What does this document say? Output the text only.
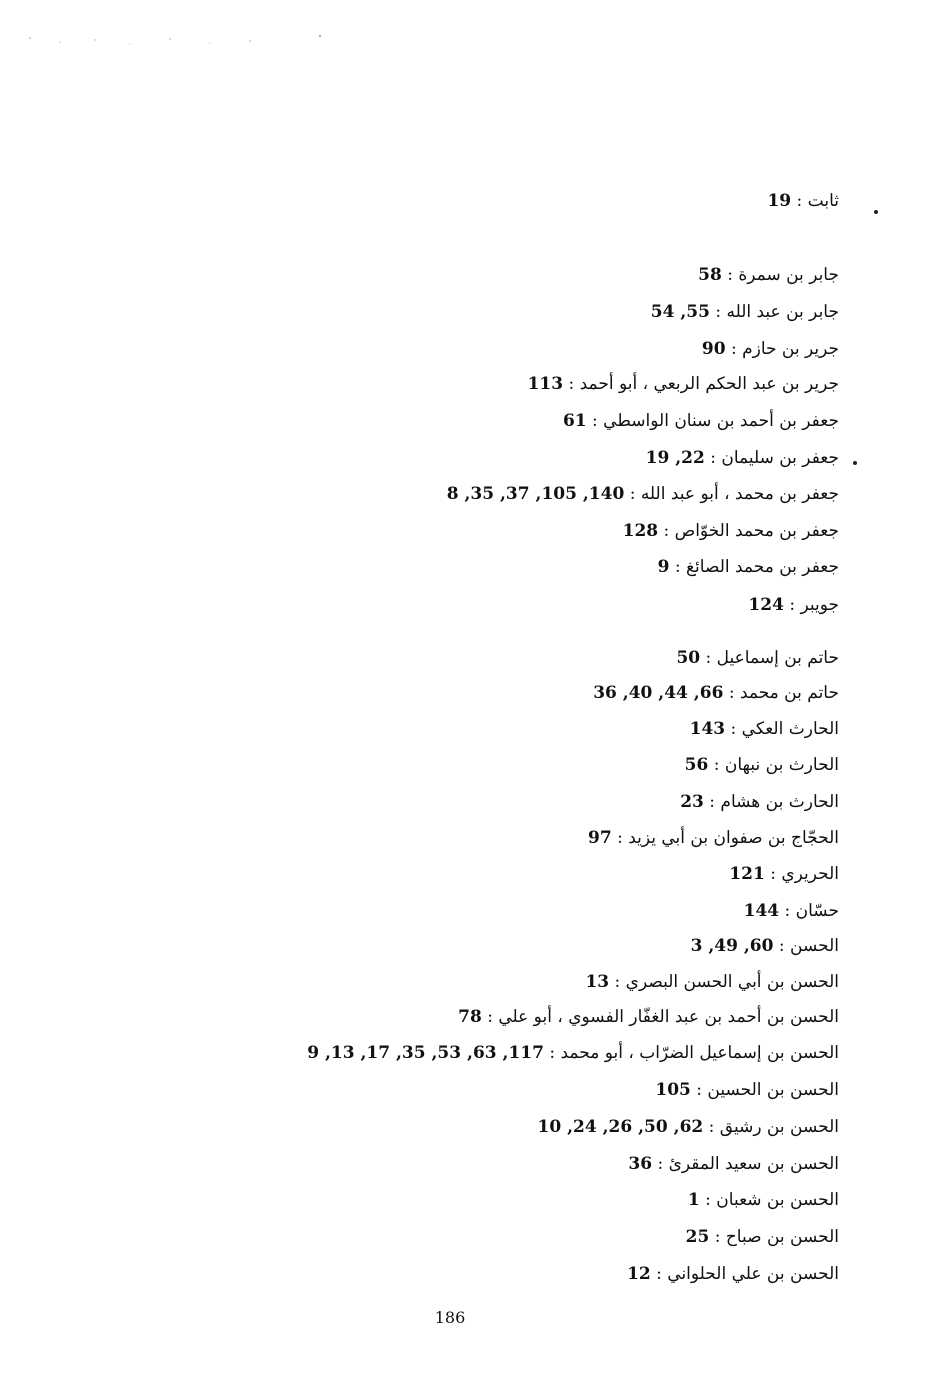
ثابت : 19
جابر بن سمرة : 58
جابر بن عبد الله : 55, 54
جرير بن حازم : 90
جرير بن عبد الحكم الربعي ، أبو أحمد : 113
جعفر بن أحمد بن سنان الواسطي : 61
جعفر بن سليمان : 22, 19
جعفر بن محمد ، أبو عبد الله : 140, 105, 37, 35, 8
جعفر بن محمد الخوّاص : 128
جعفر بن محمد الصائغ : 9
جويبر : 124
حاتم بن إسماعيل : 50
حاتم بن محمد : 66, 44, 40, 36
الحارث العكي : 143
الحارث بن نبهان : 56
الحارث بن هشام : 23
الحجّاج بن صفوان بن أبي يزيد : 97
الحريري : 121
حسّان : 144
الحسن : 60, 49, 3
الحسن بن أبي الحسن البصري : 13
الحسن بن أحمد بن عبد الغفّار الفسوي ، أبو علي : 78
الحسن بن إسماعيل الضرّاب ، أبو محمد : 117, 63, 53, 35, 17, 13, 9
الحسن بن الحسين : 105
الحسن بن رشيق : 62, 50, 26, 24, 10
الحسن بن سعيد المقرئ : 36
الحسن بن شعبان : 1
الحسن بن صباح : 25
الحسن بن علي الحلواني : 12
186
